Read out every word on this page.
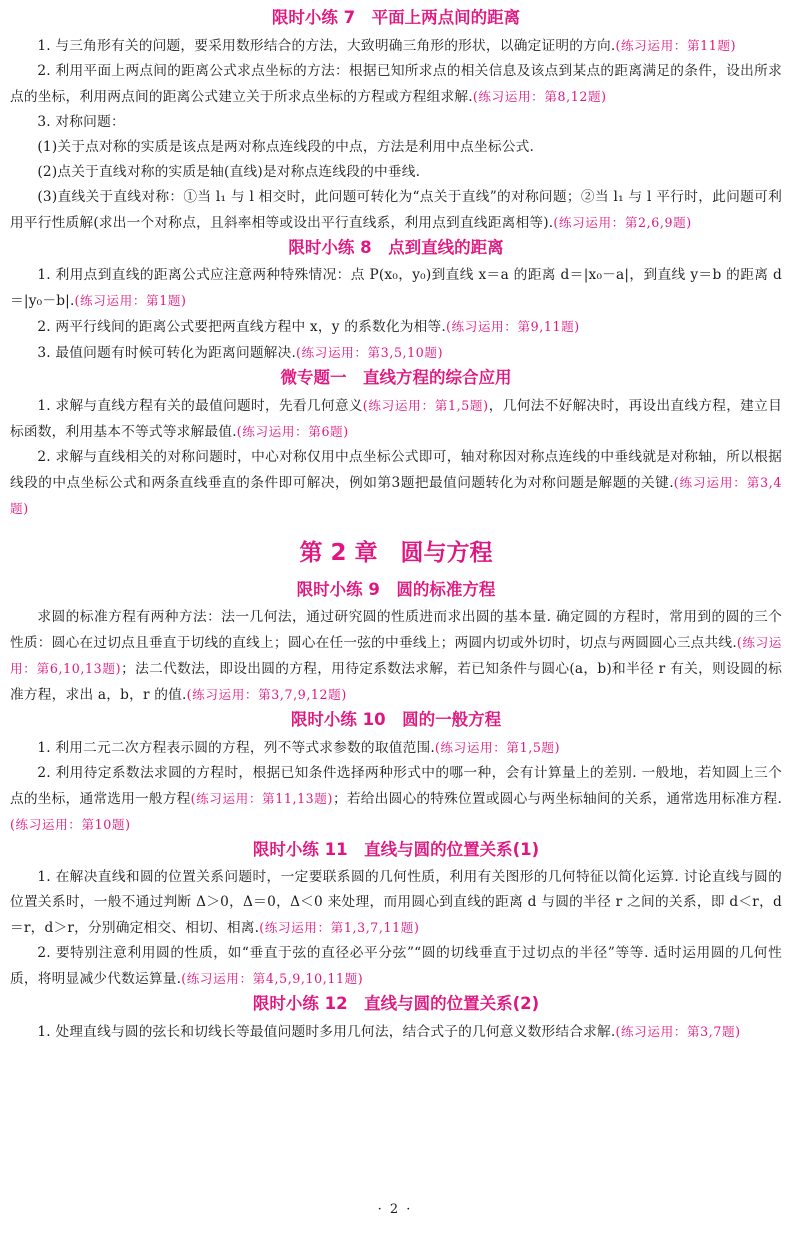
限时小练 7　平面上两点间的距离

1. 与三角形有关的问题，要采用数形结合的方法，大致明确三角形的形状，以确定证明的方向.(练习运用：第11题)

2. 利用平面上两点间的距离公式求点坐标的方法：根据已知所求点的相关信息及该点到某点的距离满足的条件，设出所求点的坐标，利用两点间的距离公式建立关于所求点坐标的方程或方程组求解.(练习运用：第8,12题)

3. 对称问题：

(1)关于点对称的实质是该点是两对称点连线段的中点，方法是利用中点坐标公式.

(2)点关于直线对称的实质是轴(直线)是对称点连线段的中垂线.

(3)直线关于直线对称：①当 l₁ 与 l 相交时，此问题可转化为“点关于直线”的对称问题；②当 l₁ 与 l 平行时，此问题可利用平行性质解(求出一个对称点，且斜率相等或设出平行直线系，利用点到直线距离相等).(练习运用：第2,6,9题)

限时小练 8　点到直线的距离

1. 利用点到直线的距离公式应注意两种特殊情况：点 P(x₀，y₀)到直线 x＝a 的距离 d＝|x₀－a|，到直线 y＝b 的距离 d＝|y₀－b|.(练习运用：第1题)

2. 两平行线间的距离公式要把两直线方程中 x，y 的系数化为相等.(练习运用：第9,11题)

3. 最值问题有时候可转化为距离问题解决.(练习运用：第3,5,10题)

微专题一　直线方程的综合应用

1. 求解与直线方程有关的最值问题时，先看几何意义(练习运用：第1,5题)，几何法不好解决时，再设出直线方程，建立目标函数，利用基本不等式等求解最值.(练习运用：第6题)

2. 求解与直线相关的对称问题时，中心对称仅用中点坐标公式即可，轴对称因对称点连线的中垂线就是对称轴，所以根据线段的中点坐标公式和两条直线垂直的条件即可解决，例如第3题把最值问题转化为对称问题是解题的关键.(练习运用：第3,4题)

第 2 章　圆与方程
限时小练 9　圆的标准方程

求圆的标准方程有两种方法：法一几何法，通过研究圆的性质进而求出圆的基本量. 确定圆的方程时，常用到的圆的三个性质：圆心在过切点且垂直于切线的直线上；圆心在任一弦的中垂线上；两圆内切或外切时，切点与两圆圆心三点共线.(练习运用：第6,10,13题)；法二代数法，即设出圆的方程，用待定系数法求解，若已知条件与圆心(a，b)和半径 r 有关，则设圆的标准方程，求出 a，b，r 的值.(练习运用：第3,7,9,12题)

限时小练 10　圆的一般方程

1. 利用二元二次方程表示圆的方程，列不等式求参数的取值范围.(练习运用：第1,5题)

2. 利用待定系数法求圆的方程时，根据已知条件选择两种形式中的哪一种，会有计算量上的差别. 一般地，若知圆上三个点的坐标，通常选用一般方程(练习运用：第11,13题)；若给出圆心的特殊位置或圆心与两坐标轴间的关系，通常选用标准方程.(练习运用：第10题)

限时小练 11　直线与圆的位置关系(1)

1. 在解决直线和圆的位置关系问题时，一定要联系圆的几何性质，利用有关图形的几何特征以简化运算. 讨论直线与圆的位置关系时，一般不通过判断 Δ＞0，Δ＝0，Δ＜0 来处理，而用圆心到直线的距离 d 与圆的半径 r 之间的关系，即 d＜r，d＝r，d＞r，分别确定相交、相切、相离.(练习运用：第1,3,7,11题)

2. 要特别注意利用圆的性质，如“垂直于弦的直径必平分弦”“圆的切线垂直于过切点的半径”等等. 适时运用圆的几何性质，将明显减少代数运算量.(练习运用：第4,5,9,10,11题)

限时小练 12　直线与圆的位置关系(2)

1. 处理直线与圆的弦长和切线长等最值问题时多用几何法，结合式子的几何意义数形结合求解.(练习运用：第3,7题)

· 2 ·
